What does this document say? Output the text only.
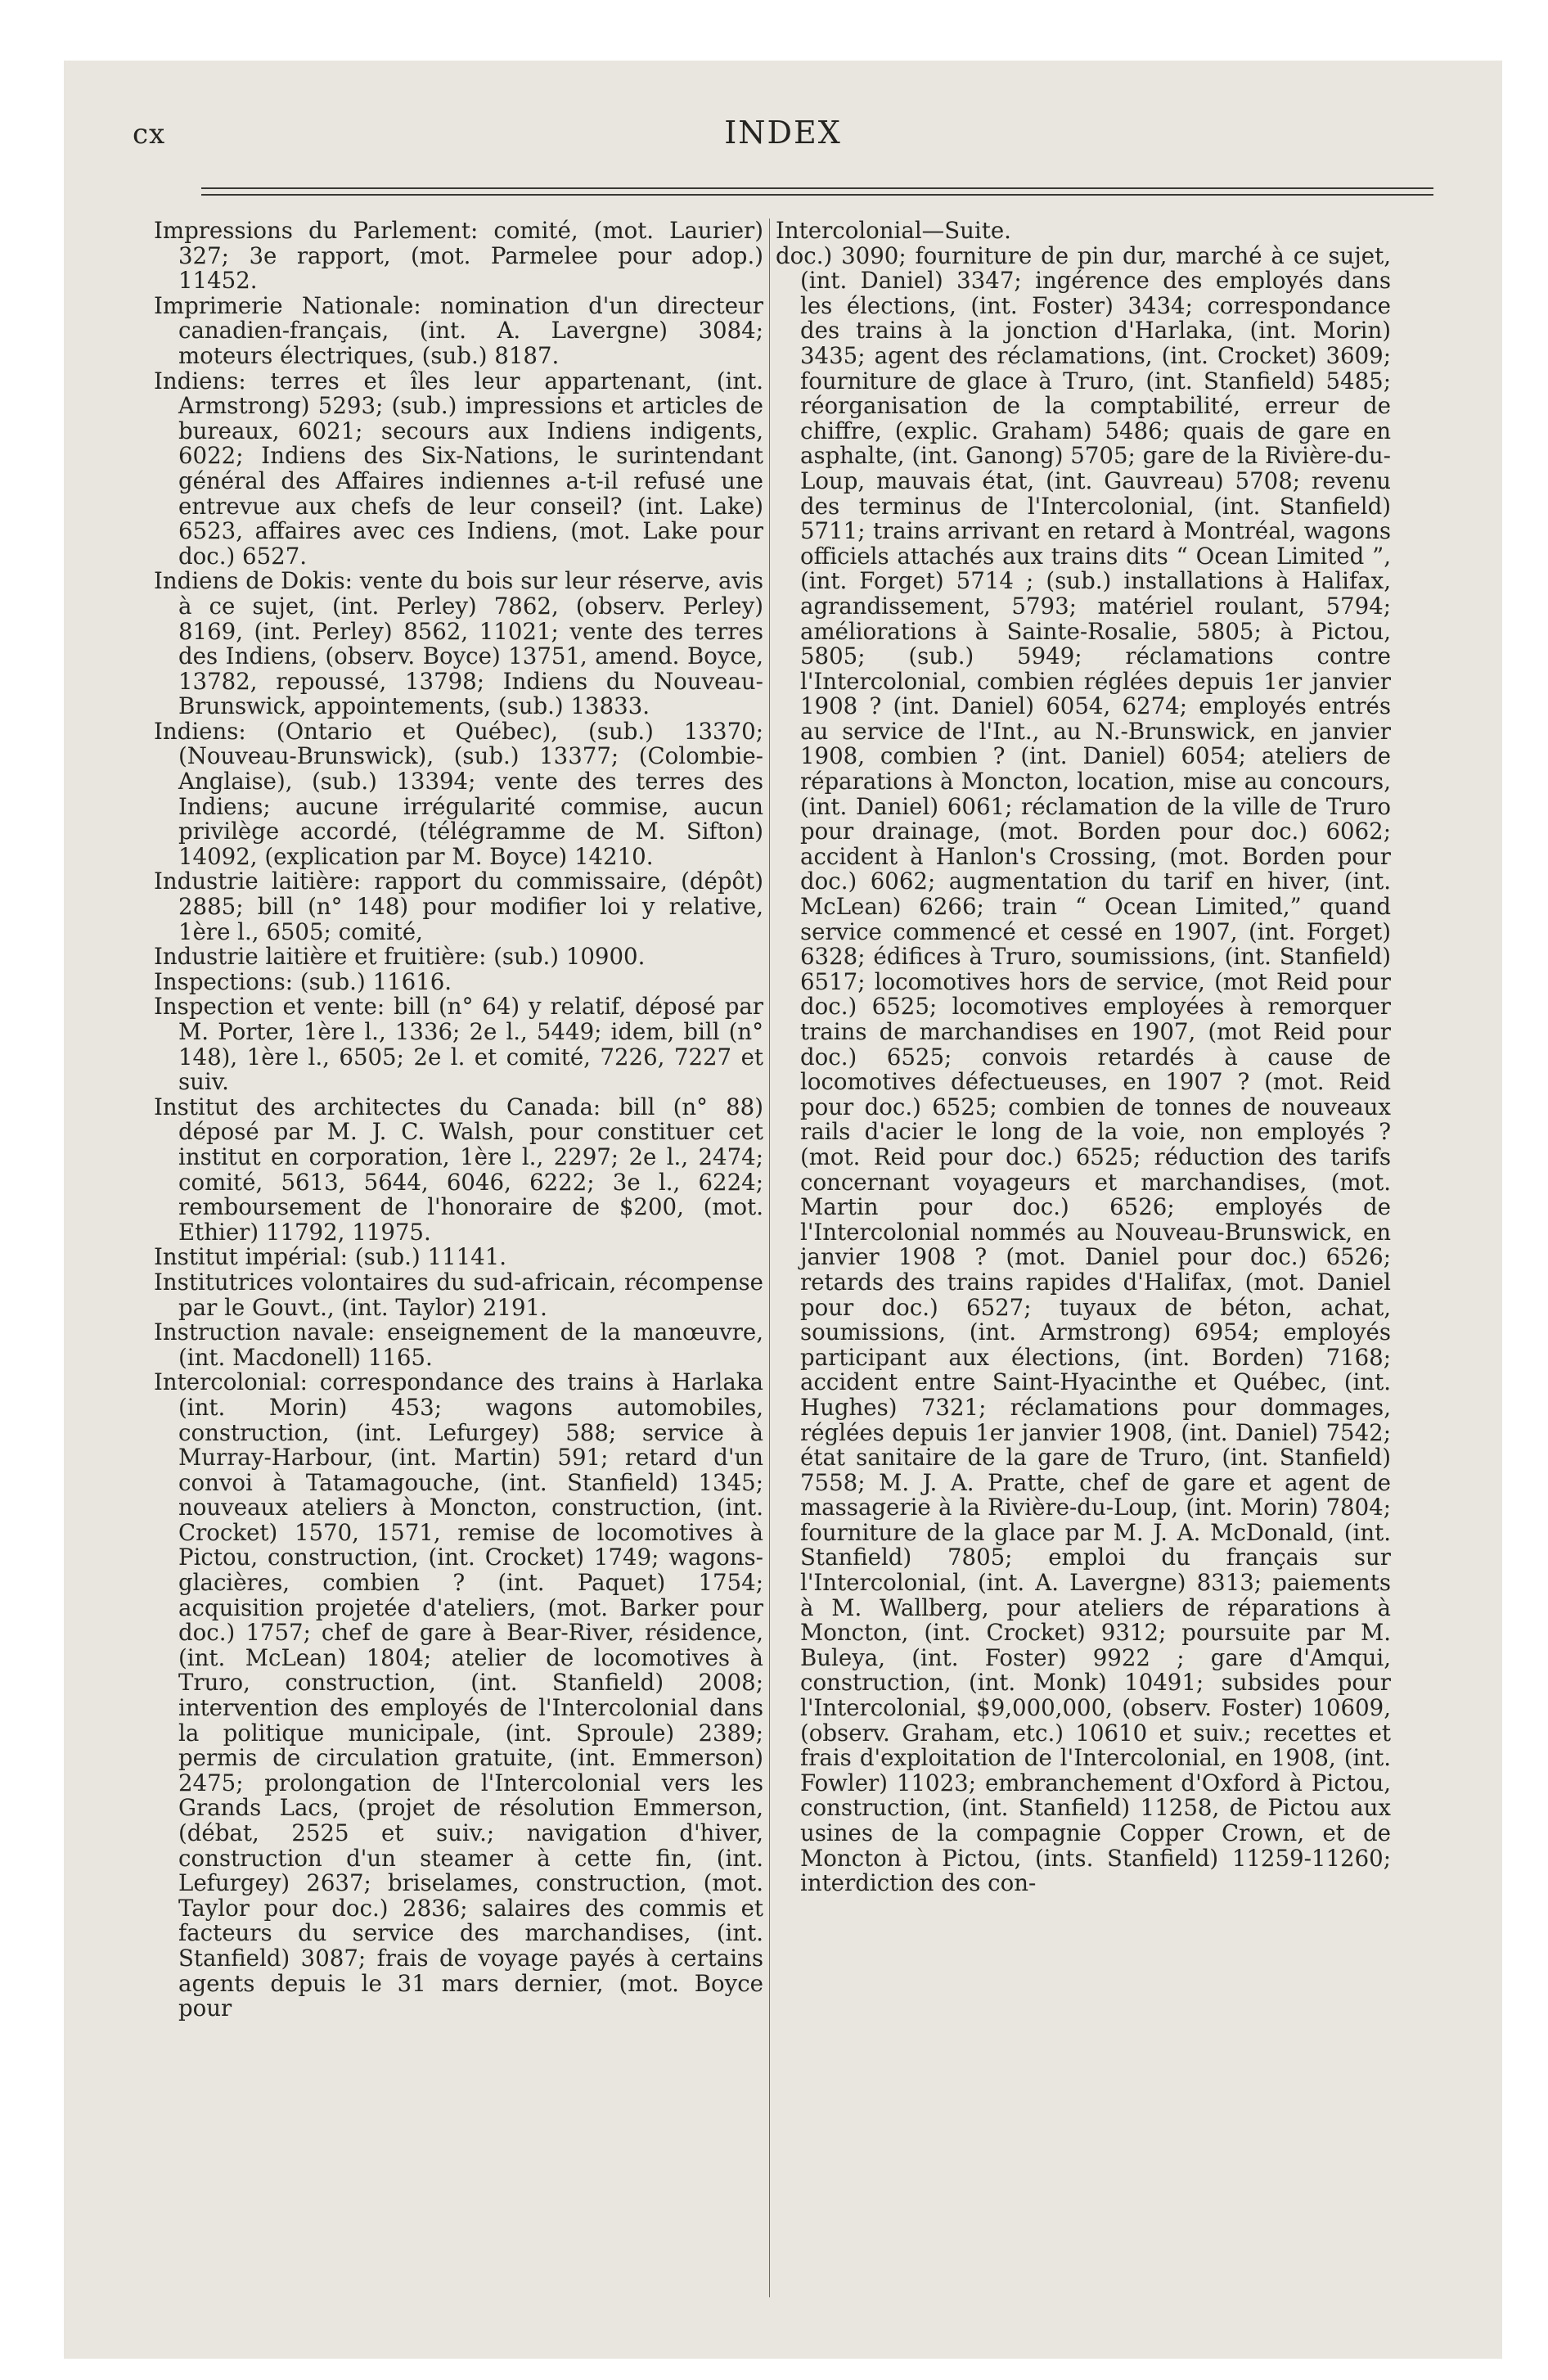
cx	INDEX

Impressions du Parlement: comité, (mot. Laurier) 327; 3e rapport, (mot. Parmelee pour adop.) 11452.

Imprimerie Nationale: nomination d'un directeur canadien-français, (int. A. Lavergne) 3084; moteurs électriques, (sub.) 8187.

Indiens: terres et îles leur appartenant, (int. Armstrong) 5293; (sub.) impressions et articles de bureaux, 6021; secours aux Indiens indigents, 6022; Indiens des Six-Nations, le surintendant général des Affaires indiennes a-t-il refusé une entrevue aux chefs de leur conseil? (int. Lake) 6523, affaires avec ces Indiens, (mot. Lake pour doc.) 6527.

Indiens de Dokis: vente du bois sur leur réserve, avis à ce sujet, (int. Perley) 7862, (observ. Perley) 8169, (int. Perley) 8562, 11021; vente des terres des Indiens, (observ. Boyce) 13751, amend. Boyce, 13782, repoussé, 13798; Indiens du Nouveau-Brunswick, appointements, (sub.) 13833.

Indiens: (Ontario et Québec), (sub.) 13370; (Nouveau-Brunswick), (sub.) 13377; (Colombie-Anglaise), (sub.) 13394; vente des terres des Indiens; aucune irrégularité commise, aucun privilège accordé, (télégramme de M. Sifton) 14092, (explication par M. Boyce) 14210.

Industrie laitière: rapport du commissaire, (dépôt) 2885; bill (n° 148) pour modifier loi y relative, 1ère l., 6505; comité,

Industrie laitière et fruitière: (sub.) 10900.

Inspections: (sub.) 11616.

Inspection et vente: bill (n° 64) y relatif, déposé par M. Porter, 1ère l., 1336; 2e l., 5449; idem, bill (n° 148), 1ère l., 6505; 2e l. et comité, 7226, 7227 et suiv.

Institut des architectes du Canada: bill (n° 88) déposé par M. J. C. Walsh, pour constituer cet institut en corporation, 1ère l., 2297; 2e l., 2474; comité, 5613, 5644, 6046, 6222; 3e l., 6224; remboursement de l'honoraire de $200, (mot. Ethier) 11792, 11975.

Institut impérial: (sub.) 11141.

Institutrices volontaires du sud-africain, récompense par le Gouvt., (int. Taylor) 2191.

Instruction navale: enseignement de la manœuvre, (int. Macdonell) 1165.

Intercolonial: correspondance des trains à Harlaka (int. Morin) 453; wagons automobiles, construction, (int. Lefurgey) 588; service à Murray-Harbour, (int. Martin) 591; retard d'un convoi à Tatamagouche, (int. Stanfield) 1345; nouveaux ateliers à Moncton, construction, (int. Crocket) 1570, 1571, remise de locomotives à Pictou, construction, (int. Crocket) 1749; wagons-glacières, combien ? (int. Paquet) 1754; acquisition projetée d'ateliers, (mot. Barker pour doc.) 1757; chef de gare à Bear-River, résidence, (int. McLean) 1804; atelier de locomotives à Truro, construction, (int. Stanfield) 2008; intervention des employés de l'Intercolonial dans la politique municipale, (int. Sproule) 2389; permis de circulation gratuite, (int. Emmerson) 2475; prolongation de l'Intercolonial vers les Grands Lacs, (projet de résolution Emmerson, (débat, 2525 et suiv.; navigation d'hiver, construction d'un steamer à cette fin, (int. Lefurgey) 2637; briselames, construction, (mot. Taylor pour doc.) 2836; salaires des commis et facteurs du service des marchandises, (int. Stanfield) 3087; frais de voyage payés à certains agents depuis le 31 mars dernier, (mot. Boyce pour

Intercolonial—Suite.

doc.) 3090; fourniture de pin dur, marché à ce sujet, (int. Daniel) 3347; ingérence des employés dans les élections, (int. Foster) 3434; correspondance des trains à la jonction d'Harlaka, (int. Morin) 3435; agent des réclamations, (int. Crocket) 3609; fourniture de glace à Truro, (int. Stanfield) 5485; réorganisation de la comptabilité, erreur de chiffre, (explic. Graham) 5486; quais de gare en asphalte, (int. Ganong) 5705; gare de la Rivière-du-Loup, mauvais état, (int. Gauvreau) 5708; revenu des terminus de l'Intercolonial, (int. Stanfield) 5711; trains arrivant en retard à Montréal, wagons officiels attachés aux trains dits “ Ocean Limited ”, (int. Forget) 5714 ; (sub.) installations à Halifax, agrandissement, 5793; matériel roulant, 5794; améliorations à Sainte-Rosalie, 5805; à Pictou, 5805; (sub.) 5949; réclamations contre l'Intercolonial, combien réglées depuis 1er janvier 1908 ? (int. Daniel) 6054, 6274; employés entrés au service de l'Int., au N.-Brunswick, en janvier 1908, combien ? (int. Daniel) 6054; ateliers de réparations à Moncton, location, mise au concours, (int. Daniel) 6061; réclamation de la ville de Truro pour drainage, (mot. Borden pour doc.) 6062; accident à Hanlon's Crossing, (mot. Borden pour doc.) 6062; augmentation du tarif en hiver, (int. McLean) 6266; train “ Ocean Limited,” quand service commencé et cessé en 1907, (int. Forget) 6328; édifices à Truro, soumissions, (int. Stanfield) 6517; locomotives hors de service, (mot Reid pour doc.) 6525; locomotives employées à remorquer trains de marchandises en 1907, (mot Reid pour doc.) 6525; convois retardés à cause de locomotives défectueuses, en 1907 ? (mot. Reid pour doc.) 6525; combien de tonnes de nouveaux rails d'acier le long de la voie, non employés ? (mot. Reid pour doc.) 6525; réduction des tarifs concernant voyageurs et marchandises, (mot. Martin pour doc.) 6526; employés de l'Intercolonial nommés au Nouveau-Brunswick, en janvier 1908 ? (mot. Daniel pour doc.) 6526; retards des trains rapides d'Halifax, (mot. Daniel pour doc.) 6527; tuyaux de béton, achat, soumissions, (int. Armstrong) 6954; employés participant aux élections, (int. Borden) 7168; accident entre Saint-Hyacinthe et Québec, (int. Hughes) 7321; réclamations pour dommages, réglées depuis 1er janvier 1908, (int. Daniel) 7542; état sanitaire de la gare de Truro, (int. Stanfield) 7558; M. J. A. Pratte, chef de gare et agent de massagerie à la Rivière-du-Loup, (int. Morin) 7804; fourniture de la glace par M. J. A. McDonald, (int. Stanfield) 7805; emploi du français sur l'Intercolonial, (int. A. Lavergne) 8313; paiements à M. Wallberg, pour ateliers de réparations à Moncton, (int. Crocket) 9312; poursuite par M. Buleya, (int. Foster) 9922 ; gare d'Amqui, construction, (int. Monk) 10491; subsides pour l'Intercolonial, $9,000,000, (observ. Foster) 10609, (observ. Graham, etc.) 10610 et suiv.; recettes et frais d'exploitation de l'Intercolonial, en 1908, (int. Fowler) 11023; embranchement d'Oxford à Pictou, construction, (int. Stanfield) 11258, de Pictou aux usines de la compagnie Copper Crown, et de Moncton à Pictou, (ints. Stanfield) 11259-11260; interdiction des con-
